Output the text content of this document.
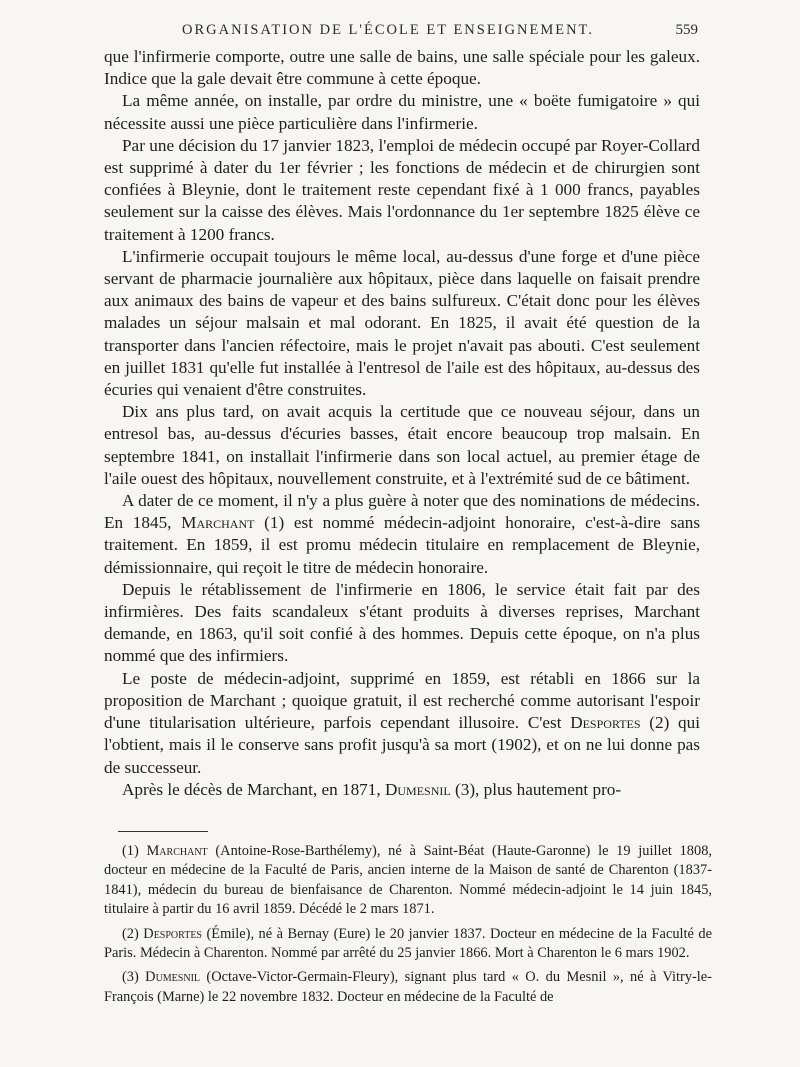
ORGANISATION DE L'ÉCOLE ET ENSEIGNEMENT.	559

que l'infirmerie comporte, outre une salle de bains, une salle spéciale pour les galeux. Indice que la gale devait être commune à cette époque.

La même année, on installe, par ordre du ministre, une « boëte fumigatoire » qui nécessite aussi une pièce particulière dans l'infirmerie.

Par une décision du 17 janvier 1823, l'emploi de médecin occupé par Royer-Collard est supprimé à dater du 1er février ; les fonctions de médecin et de chirurgien sont confiées à Bleynie, dont le traitement reste cependant fixé à 1 000 francs, payables seulement sur la caisse des élèves. Mais l'ordonnance du 1er septembre 1825 élève ce traitement à 1200 francs.

L'infirmerie occupait toujours le même local, au-dessus d'une forge et d'une pièce servant de pharmacie journalière aux hôpitaux, pièce dans laquelle on faisait prendre aux animaux des bains de vapeur et des bains sulfureux. C'était donc pour les élèves malades un séjour malsain et mal odorant. En 1825, il avait été question de la transporter dans l'ancien réfectoire, mais le projet n'avait pas abouti. C'est seulement en juillet 1831 qu'elle fut installée à l'entresol de l'aile est des hôpitaux, au-dessus des écuries qui venaient d'être construites.

Dix ans plus tard, on avait acquis la certitude que ce nouveau séjour, dans un entresol bas, au-dessus d'écuries basses, était encore beaucoup trop malsain. En septembre 1841, on installait l'infirmerie dans son local actuel, au premier étage de l'aile ouest des hôpitaux, nouvellement construite, et à l'extrémité sud de ce bâtiment.

A dater de ce moment, il n'y a plus guère à noter que des nominations de médecins. En 1845, Marchant (1) est nommé médecin-adjoint honoraire, c'est-à-dire sans traitement. En 1859, il est promu médecin titulaire en remplacement de Bleynie, démissionnaire, qui reçoit le titre de médecin honoraire.

Depuis le rétablissement de l'infirmerie en 1806, le service était fait par des infirmières. Des faits scandaleux s'étant produits à diverses reprises, Marchant demande, en 1863, qu'il soit confié à des hommes. Depuis cette époque, on n'a plus nommé que des infirmiers.

Le poste de médecin-adjoint, supprimé en 1859, est rétabli en 1866 sur la proposition de Marchant ; quoique gratuit, il est recherché comme autorisant l'espoir d'une titularisation ultérieure, parfois cependant illusoire. C'est Desportes (2) qui l'obtient, mais il le conserve sans profit jusqu'à sa mort (1902), et on ne lui donne pas de successeur.

Après le décès de Marchant, en 1871, Dumesnil (3), plus hautement pro-

(1) Marchant (Antoine-Rose-Barthélemy), né à Saint-Béat (Haute-Garonne) le 19 juillet 1808, docteur en médecine de la Faculté de Paris, ancien interne de la Maison de santé de Charenton (1837-1841), médecin du bureau de bienfaisance de Charenton. Nommé médecin-adjoint le 14 juin 1845, titulaire à partir du 16 avril 1859. Décédé le 2 mars 1871.

(2) Desportes (Émile), né à Bernay (Eure) le 20 janvier 1837. Docteur en médecine de la Faculté de Paris. Médecin à Charenton. Nommé par arrêté du 25 janvier 1866. Mort à Charenton le 6 mars 1902.

(3) Dumesnil (Octave-Victor-Germain-Fleury), signant plus tard « O. du Mesnil », né à Vitry-le-François (Marne) le 22 novembre 1832. Docteur en médecine de la Faculté de
